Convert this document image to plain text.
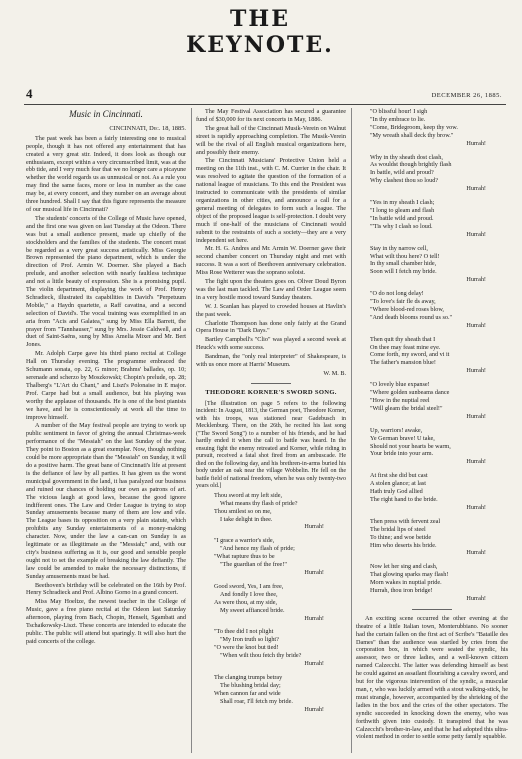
4
THE KEYNOTE.
DECEMBER 26, 1885.
Music in Cincinnati.
CINCINNATI, Dec. 18, 1885.

The past week has been a fairly interesting one to musical people, though it has not offered any entertainment that has created a very great stir. Indeed, it does look as though our enthusiasm, except within a very circumscribed limit, was at the ebb tide, and I very much fear that we no longer care a picayune whether the world regards us as unmusical or not. As a rule you may find the same faces, more or less in number as the case may be, at every concert, and they number on an average about three hundred. Shall I say that this figure represents the measure of our musical life in Cincinnati?

The students' concerts of the College of Music have opened, and the first one was given on last Tuesday at the Odeon. There was but a small audience present, made up chiefly of the stockholders and the families of the students. The concert must be regarded as a very great success artistically. Miss Georgie Brown represented the piano department, which is under the direction of Prof. Armin W. Doerner. She played a Bach prelude, and another selection with nearly faultless technique and not a little beauty of expression. She is a promising pupil. The violin department, displaying the work of Prof. Henry Schradieck, illustrated its capabilities in David's "Perpetuum Mobile," a Haydn quartette, a Raff cavatina, and a second selection of David's. The vocal training was exemplified in an aria from "Acis and Galatea," sung by Miss Ella Barrett, the prayer from "Tannhauser," sung by Mrs. Jessie Caldwell, and a duet of Saint-Saëns, sung by Miss Amelia Mixer and Mr. Bert Jones.

Mr. Adolph Carpe gave his third piano recital at College Hall on Thursday evening. The programme embraced the Schumann sonata, op. 22, G minor; Brahms' ballades, op. 10; serenade and scherzo by Moszkowski; Chopin's prelude, op. 28; Thalberg's "L'Art du Chant," and Liszt's Polonaise in E major. Prof. Carpe had but a small audience, but his playing was worthy the applause of thousands. He is one of the best pianists we have, and he is conscientiously at work all the time to improve himself.

A number of the May festival people are trying to work up public sentiment in favor of giving the annual Christmas-week performance of the "Messiah" on the last Sunday of the year. They point to Boston as a great exemplar. Now, though nothing could be more appropriate than the "Messiah" on Sunday, it will do a positive harm. The great bane of Cincinnati's life at present is the defiance of law by all parties. It has given us the worst municipal government in the land, it has paralyzed our business and ruined our chances of holding our own as patrons of art. The vicious laugh at good laws, because the good ignore indifferent ones. The Law and Order League is trying to stop Sunday amusements because many of them are low and vile. The League bases its opposition on a very plain statute, which prohibits any Sunday entertainments of a money-making character. Now, under the law a can-can on Sunday is as legitimate or as illegitimate as the "Messiah;" and, with our city's business suffering as it is, our good and sensible people ought not to set the example of breaking the law defiantly. The law could be amended to make the necessary distinctions, if Sunday amusements must be had.

Beethoven's birthday will be celebrated on the 16th by Prof. Henry Schradieck and Prof. Albino Gorno in a grand concert.

Miss May Hoeltze, the newest teacher in the College of Music, gave a free piano recital at the Odeon last Saturday afternoon, playing from Bach, Chopin, Henselt, Sgambati and Tschaikowsky-Liszt. These concerts are intended to educate the public. The public will attend but sparingly. It will also hurt the paid concerts of the college.

The May Festival Association has secured a guarantee fund of $30,000 for its next concerts in May, 1886.

The great hall of the Cincinnati Musik-Verein on Walnut street is rapidly approaching completion. The Musik-Verein will be the rival of all English musical organizations here, and possibly their enemy.

The Cincinnati Musicians' Protective Union held a meeting on the 11th inst., with C. M. Currier in the chair. It was resolved to agitate the question of the formation of a national league of musicians. To this end the President was instructed to communicate with the presidents of similar organizations in other cities, and announce a call for a general meeting of delegates to form such a league. The object of the proposed league is self-protection. I doubt very much if one-half of the musicians of Cincinnati would submit to the restraints of such a society—they are a very independent set here.

Mr. H. G. Andres and Mr. Armin W. Doerner gave their second chamber concert on Thursday night and met with success. It was a sort of Beethoven anniversary celebration. Miss Rose Wetterer was the soprano soloist.

The fight upon the theaters goes on. Oliver Doud Byron was the last man tackled. The Law and Order League seem in a very hostile mood toward Sunday theaters.

W. J. Scanlan has played to crowded houses at Havlin's the past week.

Charlotte Thompson has done only fairly at the Grand Opera House in "Dark Days."

Bartley Campbell's "Clio" was played a second week at Heuck's with some success.

Bandman, the "only real interpreter" of Shakespeare, is with us once more at Harris' Museum.

W. M. B.
THEODORE KORNER'S SWORD SONG.

[The illustration on page 5 refers to the following incident: In August, 1813, the German poet, Theodore Korner, with his troops, was stationed near Gadebusch in Mecklenburg. There, on the 26th, he recited his last song ("The Sword Song") to a number of his friends, and he had hardly ended it when the call to battle was heard. In the ensuing fight the enemy retreated and Korner, while riding in pursuit, received a fatal shot fired from an ambuscade. He died on the following day, and his brethren-in-arms buried his body under an oak near the village Wobbelin. He fell on the battle field of national freedom, when he was only twenty-two years old.]

Thou sword at my left side,
What means thy flash of pride?
Thou smilest so on me,
I take delight in thee.
Hurrah!
"I grace a warrior's side,
"And hence my flash of pride;
"What rapture thus to be
"The guardian of the free!"
Hurrah!
Good sword, Yes, I am free,
And fondly I love thee,
As were thou, at my side,
My sweet affianced bride.
Hurrah!
"To thee did I not plight
"My Iron truth so light?
"O were the knot but tied!
"When wilt thou fetch thy bride?
Hurrah!
The clanging trumps betray
The blushing bridal day;
When cannon far and wide
Shall roar, I'll fetch my bride.
Hurrah!
"O blissful hour! I sigh
"In thy embrace to lie.
"Come, Bridegroom, keep thy vow.
"My wreath shall deck thy brow."
Hurrah!
Why in thy sheath dost clash,
As wouldst though brightly flash
In battle, wild and proud?
Why clashest thou so loud?
Hurrah!
"Yes in my sheath I clash;
"I long to gleam and flash
"In battle wild and proud.
"'Tis why I clash so loud.
Hurrah!
Stay in thy narrow cell,
What wilt thou here? O tell!
In thy small chamber hide,
Soon will I fetch my bride.
Hurrah!
"O do not long delay!
"To love's fair fle ds away,
"Where blood-red roses blow,
"And death blooms round us so."
Hurrah!
Then quit thy sheath that I
On thee may feast mine eye.
Come forth, my sword, and vi it
The father's mansion blue!
Hurrah!
"O lovely blue expanse!
"Where golden sunbeams dance
"How in the nuptial reel
"Will gleam the bridal steel!"
Hurrah!
Up, warriors! awake,
Ye German brave! U take,
Should not your hearts be warm,
Your bride into your arm.
Hurrah!
At first she did but cast
A stolen glance; at last
Hath truly God allied
The right hand to the bride.
Hurrah!
Then press with fervent zeal
The bridal lips of steel
To thine; and woe betide
Him who deserts his bride.
Hurrah!
Now let her sing and clash,
That glowing sparks may flash!
Morn wakes in nuptial pride.
Hurrah, thou iron bridge!
Hurrah!

An exciting scene occurred the other evening at the theatre of a little Italian town, Monterubbiano. No sooner had the curtain fallen on the first act of Scribe's "Bataille des Dames" than the audience was startled by cries from the corporation box, in which were seated the syndic, his assessor, two or three ladies, and a well-known citizen named Calzecchi. The latter was defending himself as best he could against an assailant flourishing a cavalry sword, and but for the vigorous intervention of the syndic, a muscular man, r, who was luckily armed with a stout walking-stick, he must strangle, however, accompanied by the shrieking of the ladies in the box and the cries of the other spectators. The syndic succeeded in knocking down the enemy, who was forthwith given into custody. It transpired that he was Calzecchi's brother-in-law, and that he had adopted this ultra-violent method in order to settle some petty family squabble.
